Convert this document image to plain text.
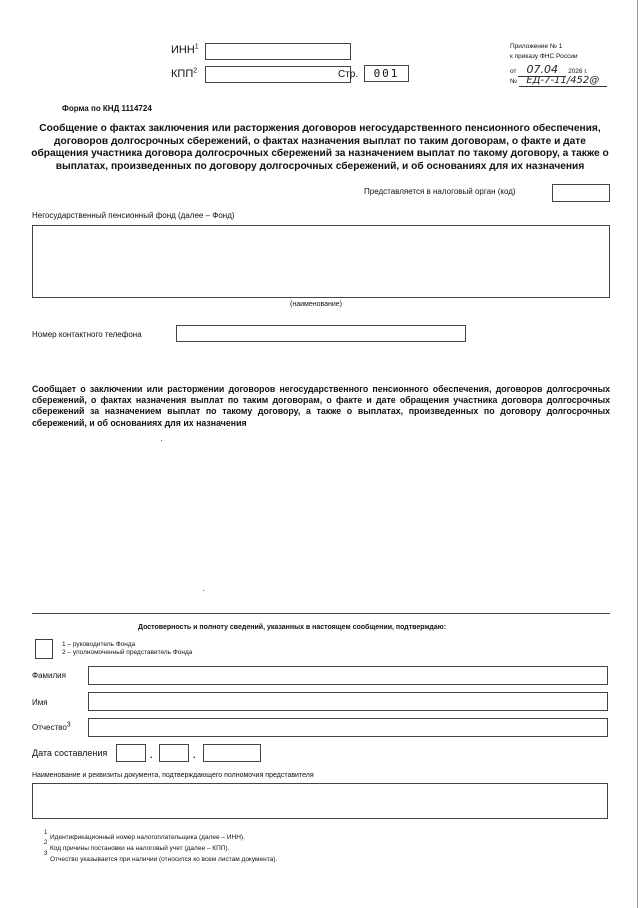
ИНН$^1$
КПП$^2$	Стр.	001
Приложение № 1
к приказу ФНС России
от 07.04 2026 г.
№ ЕД-7-11/452@
Форма по КНД 1114724
Сообщение о фактах заключения или расторжения договоров негосударственного пенсионного обеспечения, договоров долгосрочных сбережений, о фактах назначения выплат по таким договорам, о факте и дате обращения участника договора долгосрочных сбережений за назначением выплат по такому договору, а также о выплатах, произведенных по договору долгосрочных сбережений, и об основаниях для их назначения
Представляется в налоговый орган (код)
Негосударственный пенсионный фонд (далее – Фонд)
(наименование)
Номер контактного телефона
Сообщает о заключении или расторжении договоров негосударственного пенсионного обеспечения, договоров долгосрочных сбережений, о фактах назначения выплат по таким договорам, о факте и дате обращения участника договора долгосрочных сбережений за назначением выплат по такому договору, а также о выплатах, произведенных по договору долгосрочных сбережений, и об основаниях для их назначения
Достоверность и полноту сведений, указанных в настоящем сообщении, подтверждаю:
1 – руководитель Фонда
2 – уполномоченный представитель Фонда
Фамилия
Имя
Отчество$^3$
Дата составления	.	.
Наименование и реквизиты документа, подтверждающего полномочия представителя
1
Идентификационный номер налогоплательщика (далее – ИНН).
2
Код причины постановки на налоговый учет (далее – КПП).
3
Отчество указывается при наличии (относится ко всем листам документа).
